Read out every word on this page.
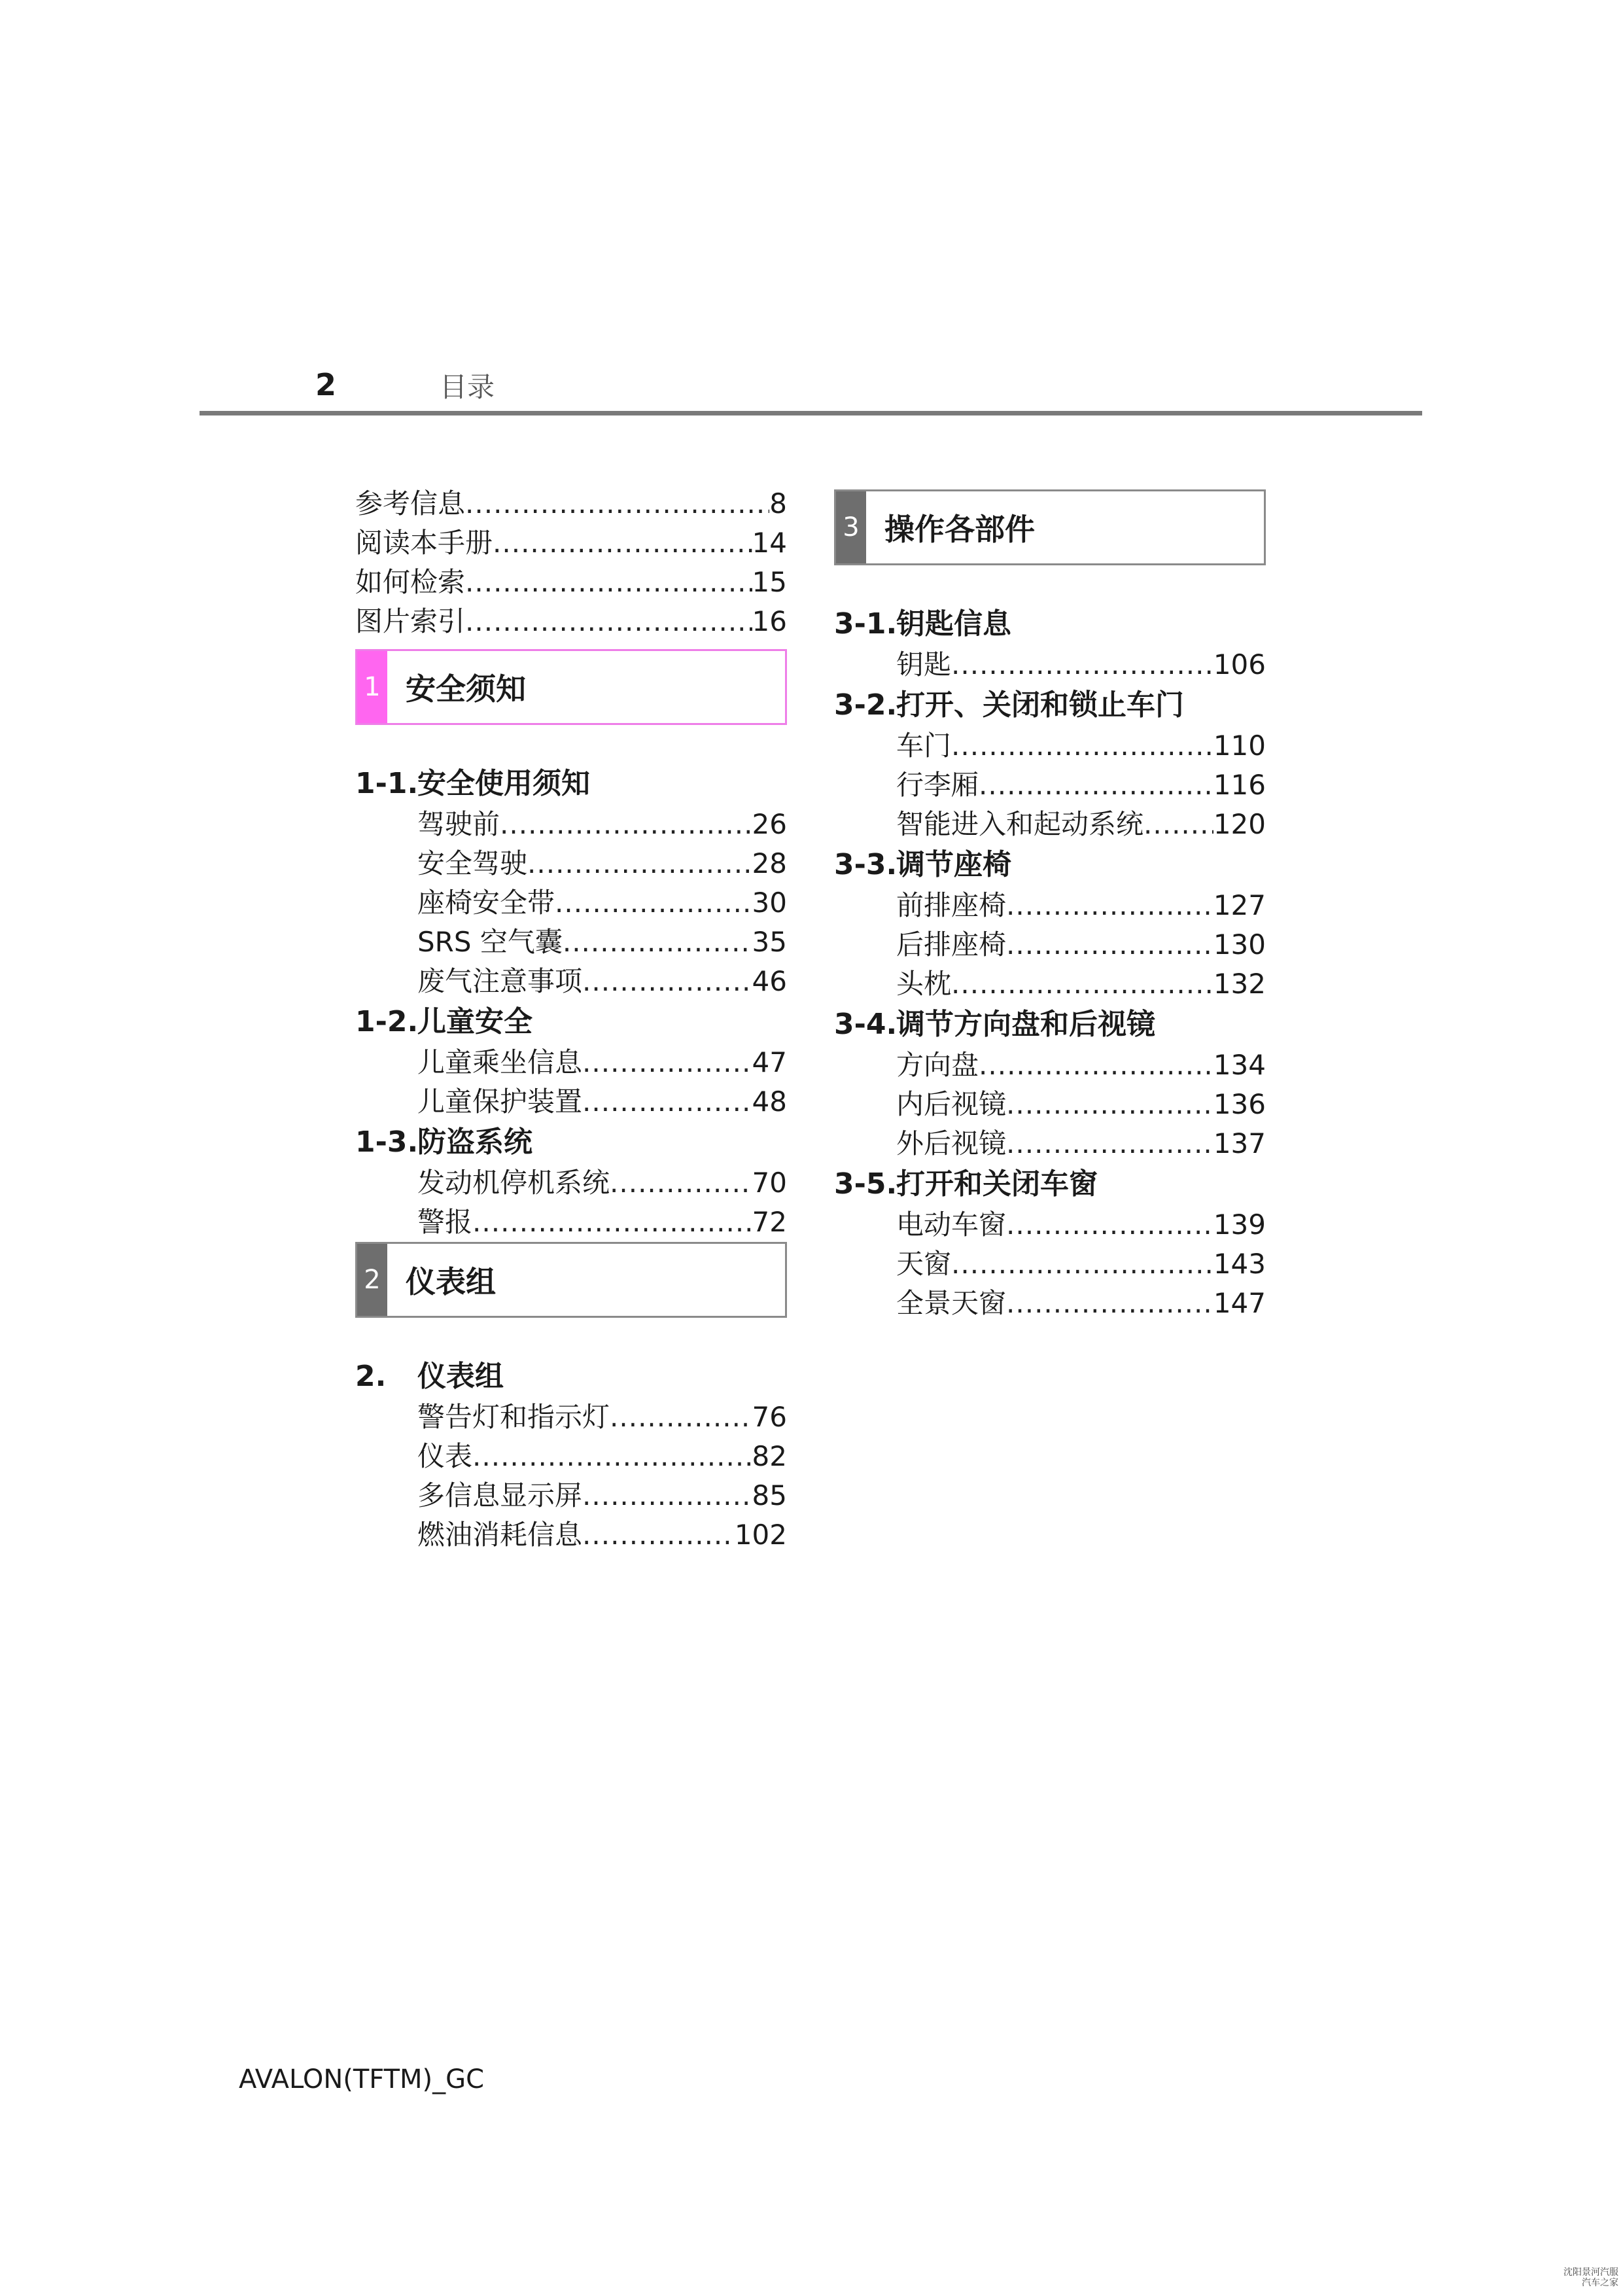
2	目录
参考信息 .....	8
阅读本手册 .....	14
如何检索 .....	15
图片索引 .....	16
1 安全须知
1-1.
安全使用须知
驾驶前 .....	26
安全驾驶 .....	28
座椅安全带 .....	30
SRS 空气囊 .....	35
废气注意事项 .....	46
1-2.
儿童安全
儿童乘坐信息 .....	47
儿童保护装置 .....	48
1-3.
防盗系统
发动机停机系统 .....	70
警报 .....	72
2 仪表组
2.	仪表组
警告灯和指示灯 .....	76
仪表 .....	82
多信息显示屏 .....	85
燃油消耗信息 .....	102
3 操作各部件
3-1.
钥匙信息
钥匙 .....	106
3-2.
打开、关闭和锁止车门
车门 .....	110
行李厢 .....	116
智能进入和起动系统 .....	120
3-3.
调节座椅
前排座椅 .....	127
后排座椅 .....	130
头枕 .....	132
3-4.
调节方向盘和后视镜
方向盘 .....	134
内后视镜 .....	136
外后视镜 .....	137
3-5.
打开和关闭车窗
电动车窗 .....	139
天窗 .....	143
全景天窗 .....	147
AVALON(TFTM)_GC
沈阳景河汽服
汽车之家
